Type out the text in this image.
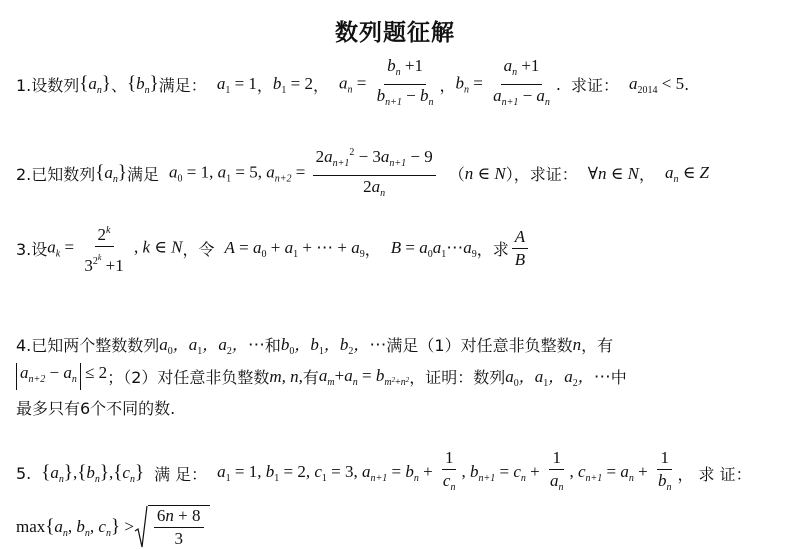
数列题征解
1.设数列 $\{a_n\}$ 、 $\{b_n\}$ 满足： $a_1 = 1$ ， $b_1 = 2$ ， $a_n = \frac{b_n +1}{b_{n+1} - b_n}$ ， $b_n = \frac{a_n +1}{a_{n+1} - a_n}$ . 求证： $a_{2014} < 5$ .
2.已知数列 $\{a_n\}$ 满足 $a_0 = 1$, $a_1 = 5$, $a_{n+2} = \frac{2a_{n+1}^2 - 3a_{n+1} - 9}{2a_n}$ （ n ∈ N ），求证： ∀n ∈ N ， $a_n$ ∈ Z
3.设 $a_k = \frac{2^k}{3^{2^k} +1}$ , k ∈ N ，令 $A = a_0 + a_1$ + ⋯ + $a_9$ ， $B = a_0a_1\cdots a_9$ ，求 $\frac{A}{B}$
4.已知两个整数数列 $a_0$，$a_1$，$a_2$，⋯ 和 $b_0$，$b_1$，$b_2$，⋯ 满足（1）对任意非负整数 n ，有
$a_{n+2} - a_n \le 2$ ；（2）对任意非负整数 m, n, 有 $a_m+a_n = b_{m^2+n^2}$ ，证明：数列 $a_0$，$a_1$，$a_2$，⋯ 中
最多只有6个不同的数.
5. $\{a_n\},\{b_n\},\{c_n\}$ 满 足： $a_1 = 1$, $b_1 = 2$, $c_1 = 3$, $a_{n+1} = b_n + \frac{1}{c_n}$ , $b_{n+1} = c_n + \frac{1}{a_n}$ , $c_{n+1} = a_n + \frac{1}{b_n}$ ， 求 证：
$\max\{a_n$, $b_n$, $c_n\} > \frac{6n + 8}{3}$
